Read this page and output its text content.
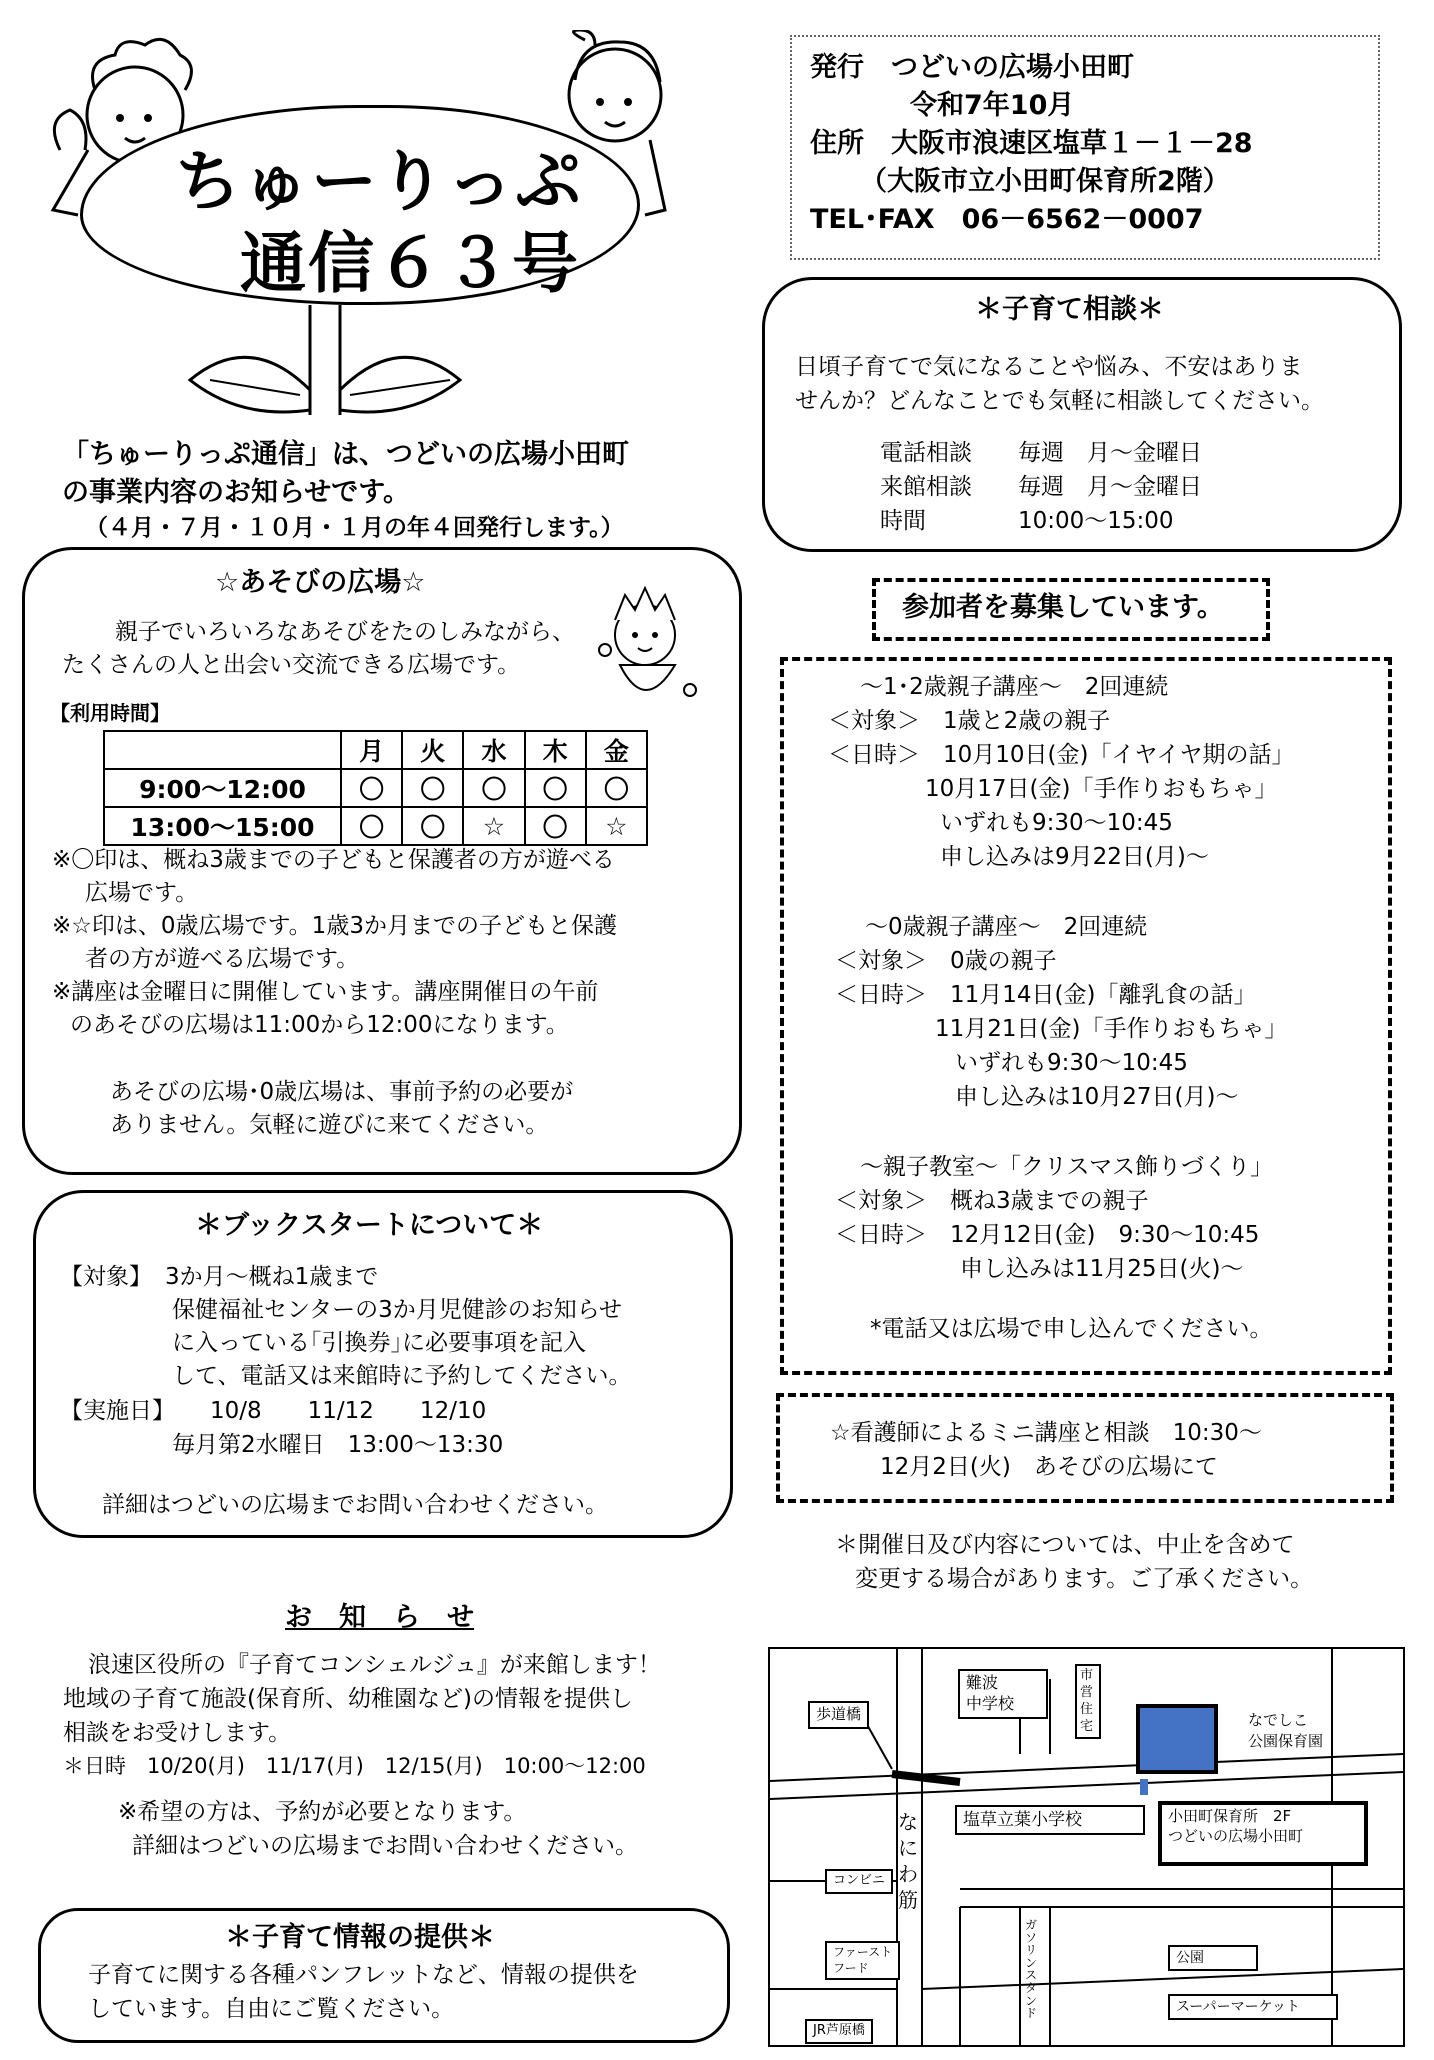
ちゅーりっぷ
通信６３号
発行　つどいの広場小田町
令和7年10月
住所　大阪市浪速区塩草１－１－28
（大阪市立小田町保育所2階）
TEL･FAX　06－6562－0007
「ちゅーりっぷ通信」は、つどいの広場小田町
の事業内容のお知らせです。
（４月・７月・１０月・１月の年４回発行します。）
☆あそびの広場☆
親子でいろいろなあそびをたのしみながら、
たくさんの人と出会い交流できる広場です。
【利用時間】
	月	火	水	木	金
9:00～12:00	〇	〇	〇	〇	〇
13:00～15:00	〇	〇	☆	〇	☆
※〇印は、概ね3歳までの子どもと保護者の方が遊べる
広場です。
※☆印は、0歳広場です。1歳3か月までの子どもと保護
者の方が遊べる広場です。
※講座は金曜日に開催しています。講座開催日の午前
のあそびの広場は11:00から12:00になります。
あそびの広場･0歳広場は、事前予約の必要が
ありません。気軽に遊びに来てください。
＊ブックスタートについて＊
【対象】 3か月～概ね1歳まで
保健福祉センターの3か月児健診のお知らせ
に入っている｢引換券｣に必要事項を記入
して、電話又は来館時に予約してください。
【実施日】 10/8　　11/12　　12/10
毎月第2水曜日　13:00～13:30
詳細はつどいの広場までお問い合わせください。
お　知　ら　せ
浪速区役所の『子育てコンシェルジュ』が来館します！
地域の子育て施設(保育所、幼稚園など)の情報を提供し
相談をお受けします。
＊日時　10/20(月)　11/17(月)　12/15(月)　10:00～12:00
※希望の方は、予約が必要となります。
詳細はつどいの広場までお問い合わせください。
＊子育て情報の提供＊
子育てに関する各種パンフレットなど、情報の提供を
しています。自由にご覧ください。
＊子育て相談＊
日頃子育てで気になることや悩み、不安はありま
せんか？どんなことでも気軽に相談してください。
電話相談 毎週　月～金曜日
来館相談 毎週　月～金曜日
時間	10:00～15:00
参加者を募集しています。
～1･2歳親子講座～　2回連続
＜対象＞　1歳と2歳の親子
＜日時＞　10月10日(金)「イヤイヤ期の話」
10月17日(金)「手作りおもちゃ」
いずれも9:30～10:45
申し込みは9月22日(月)～
～0歳親子講座～　2回連続
＜対象＞　0歳の親子
＜日時＞　11月14日(金)「離乳食の話」
11月21日(金)「手作りおもちゃ」
いずれも9:30～10:45
申し込みは10月27日(月)～
～親子教室～「クリスマス飾りづくり」
＜対象＞　概ね3歳までの親子
＜日時＞　12月12日(金)　9:30～10:45
申し込みは11月25日(火)～
*電話又は広場で申し込んでください。
☆看護師によるミニ講座と相談　10:30～
12月2日(火)　あそびの広場にて
＊開催日及び内容については、中止を含めて
変更する場合があります。ご了承ください。
歩道橋
難波
中学校
市営住宅	なでしこ
公園保育園
塩草立葉小学校
なにわ筋
小田町保育所　2F
つどいの広場小田町
コンビニ
ファースト
フード
ガソリンスタンド
公園
スーパーマーケット
JR芦原橋
